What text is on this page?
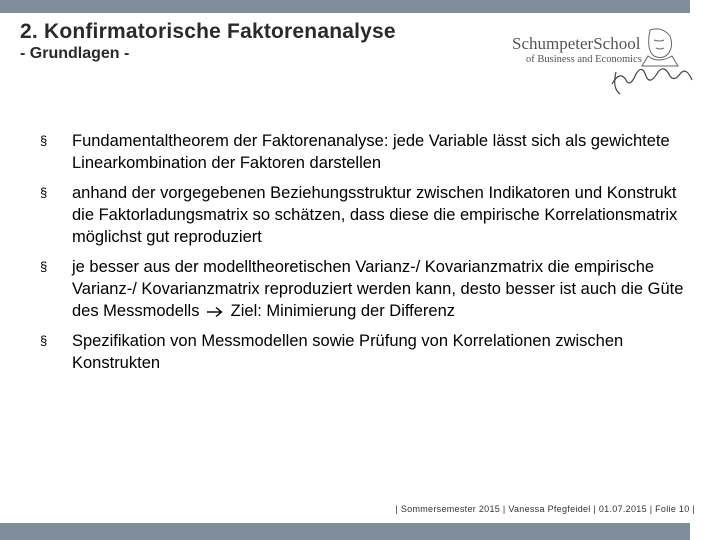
2. Konfirmatorische Faktorenanalyse
- Grundlagen -
SchumpeterSchool
of Business and Economics
§ Fundamentaltheorem der Faktorenanalyse: jede Variable lässt sich als gewichtete Linearkombination der Faktoren darstellen
§ anhand der vorgegebenen Beziehungsstruktur zwischen Indikatoren und Konstrukt die Faktorladungsmatrix so schätzen, dass diese die empirische Korrelationsmatrix möglichst gut reproduziert
§ je besser aus der modelltheoretischen Varianz-/ Kovarianzmatrix die empirische Varianz-/ Kovarianzmatrix reproduziert werden kann, desto besser ist auch die Güte des Messmodells Ziel: Minimierung der Differenz
§ Spezifikation von Messmodellen sowie Prüfung von Korrelationen zwischen Konstrukten
| Sommersemester 2015 | Vanessa Pfegfeidel | 01.07.2015 | Folie 10 |
